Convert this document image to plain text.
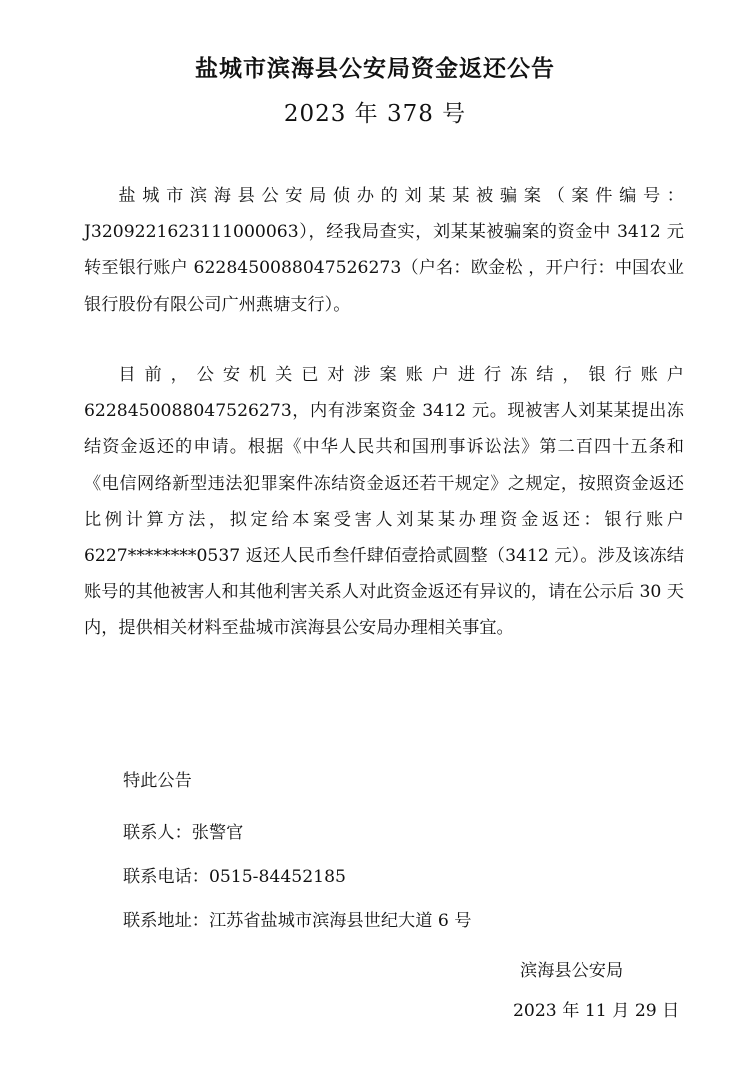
盐城市滨海县公安局资金返还公告
2023 年 378 号
盐城市滨海县公安局侦办的刘某某被骗案（案件编号：J3209221623111000063），经我局查实，刘某某被骗案的资金中 3412 元转至银行账户 6228450088047526273（户名：欧金松 ，开户行：中国农业银行股份有限公司广州燕塘支行）。
目前，公安机关已对涉案账户进行冻结，银行账户 6228450088047526273，内有涉案资金 3412 元。现被害人刘某某提出冻结资金返还的申请。根据《中华人民共和国刑事诉讼法》第二百四十五条和《电信网络新型违法犯罪案件冻结资金返还若干规定》之规定，按照资金返还比例计算方法，拟定给本案受害人刘某某办理资金返还：银行账户 6227********0537 返还人民币叁仟肆佰壹拾贰圆整（3412 元）。涉及该冻结账号的其他被害人和其他利害关系人对此资金返还有异议的，请在公示后 30 天内，提供相关材料至盐城市滨海县公安局办理相关事宜。
特此公告
联系人：张警官
联系电话：0515-84452185
联系地址：江苏省盐城市滨海县世纪大道 6 号
滨海县公安局
2023 年 11 月 29 日
